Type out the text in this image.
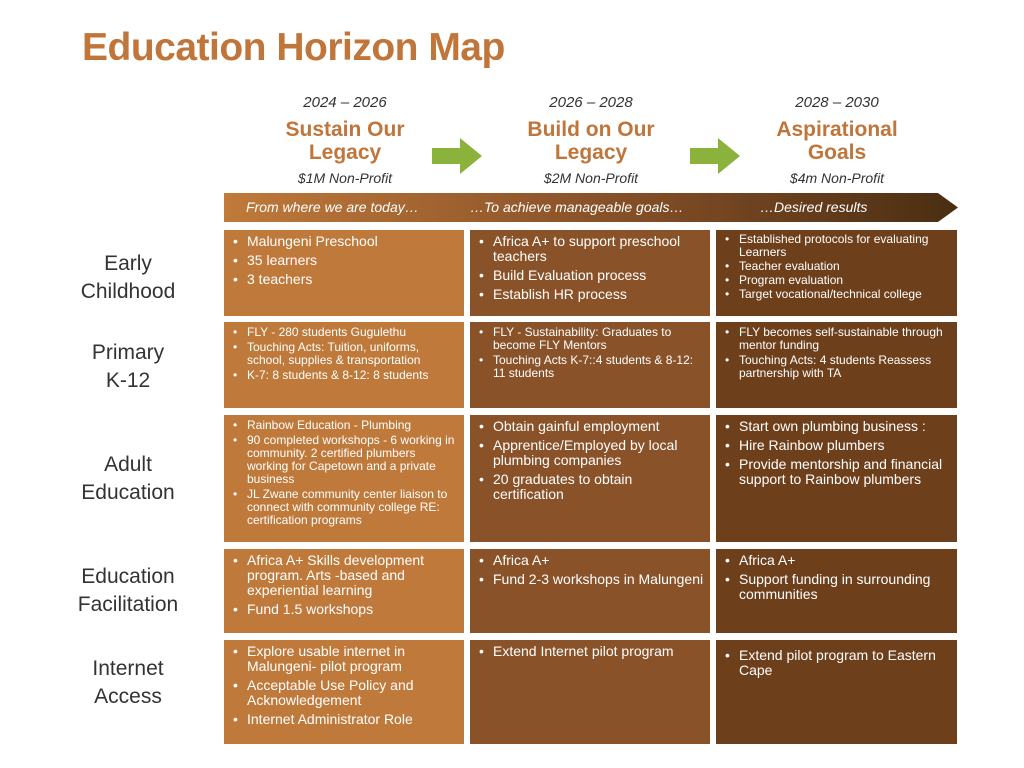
Education Horizon Map
2024 – 2026
Sustain Our
Legacy
$1M Non-Profit
2026 – 2028
Build on Our
Legacy
$2M Non-Profit
2028 – 2030
Aspirational
Goals
$4m Non-Profit
From where we are today…	…To achieve manageable goals…	…Desired results
Early
Childhood
Primary
K-12
Adult
Education
Education
Facilitation
Internet
Access
• Malungeni Preschool
• 35 learners
• 3 teachers
• Africa A+ to support preschool teachers
• Build Evaluation process
• Establish HR process
• Established protocols for evaluating Learners
• Teacher evaluation
• Program evaluation
• Target vocational/technical college
• FLY - 280 students Gugulethu
• Touching Acts: Tuition, uniforms, school, supplies & transportation
• K-7: 8 students & 8-12: 8 students
• FLY - Sustainability: Graduates to become FLY Mentors
• Touching Acts K-7::4 students & 8-12: 11 students
• FLY becomes self-sustainable through mentor funding
• Touching Acts: 4 students Reassess partnership with TA
• Rainbow Education - Plumbing
• 90 completed workshops - 6 working in community. 2 certified plumbers working for Capetown and a private business
• JL Zwane community center liaison to connect with community college RE: certification programs
• Obtain gainful employment
• Apprentice/Employed by local plumbing companies
• 20 graduates to obtain certification
• Start own plumbing business :
• Hire Rainbow plumbers
• Provide mentorship and financial support to Rainbow plumbers
• Africa A+ Skills development program. Arts -based and experiential learning
• Fund 1.5 workshops
• Africa A+
• Fund 2-3 workshops in Malungeni
• Africa A+
• Support funding in surrounding communities
• Explore usable internet in Malungeni- pilot program
• Acceptable Use Policy and Acknowledgement
• Internet Administrator Role
• Extend Internet pilot program
•	Extend pilot program to Eastern Cape
